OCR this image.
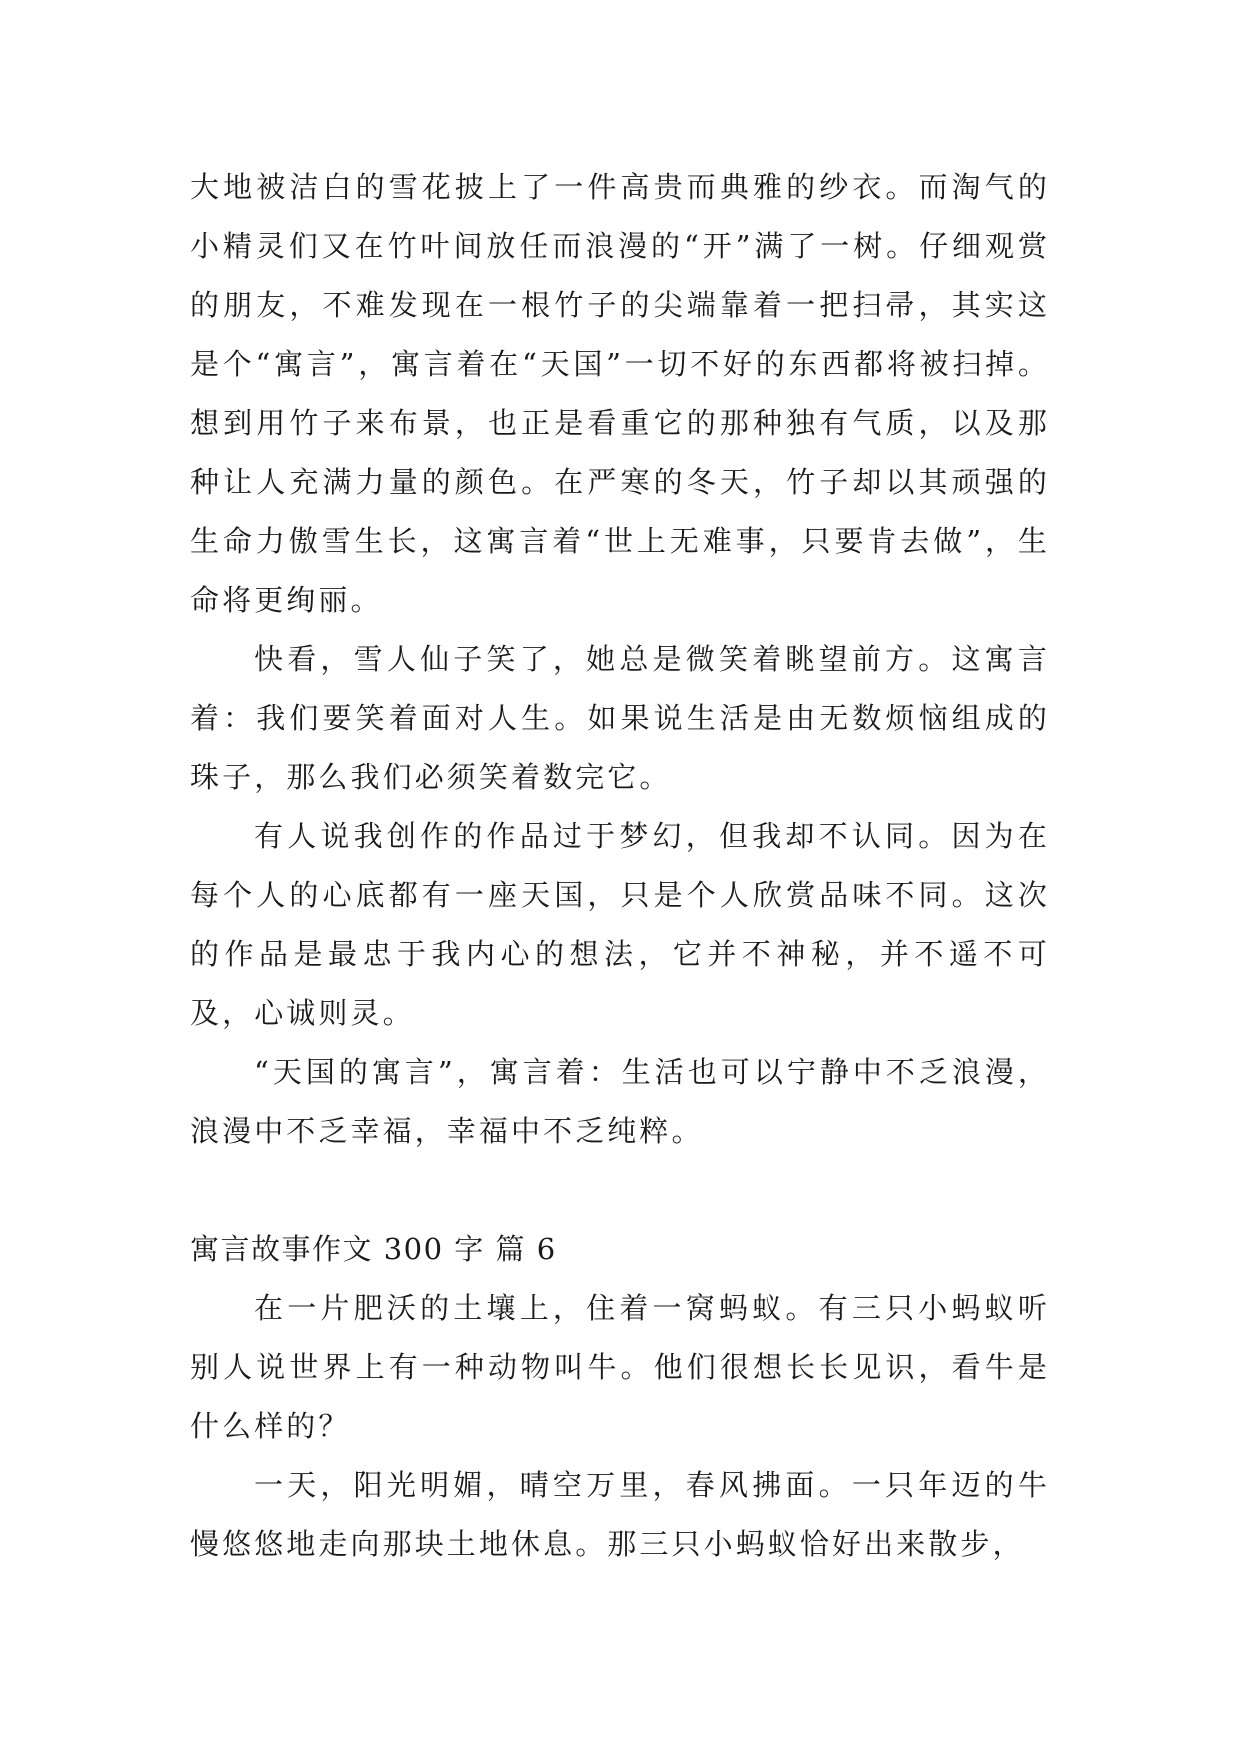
大地被洁白的雪花披上了一件高贵而典雅的纱衣。而淘气的小精灵们又在竹叶间放任而浪漫的“开”满了一树。仔细观赏的朋友，不难发现在一根竹子的尖端靠着一把扫帚，其实这是个“寓言”，寓言着在“天国”一切不好的东西都将被扫掉。想到用竹子来布景，也正是看重它的那种独有气质，以及那种让人充满力量的颜色。在严寒的冬天，竹子却以其顽强的生命力傲雪生长，这寓言着“世上无难事，只要肯去做”，生命将更绚丽。

快看，雪人仙子笑了，她总是微笑着眺望前方。这寓言着：我们要笑着面对人生。如果说生活是由无数烦恼组成的珠子，那么我们必须笑着数完它。

有人说我创作的作品过于梦幻，但我却不认同。因为在每个人的心底都有一座天国，只是个人欣赏品味不同。这次的作品是最忠于我内心的想法，它并不神秘，并不遥不可及，心诚则灵。

“天国的寓言”，寓言着：生活也可以宁静中不乏浪漫，浪漫中不乏幸福，幸福中不乏纯粹。

寓言故事作文 300 字 篇 6

在一片肥沃的土壤上，住着一窝蚂蚁。有三只小蚂蚁听别人说世界上有一种动物叫牛。他们很想长长见识，看牛是什么样的？

一天，阳光明媚，晴空万里，春风拂面。一只年迈的牛慢悠悠地走向那块土地休息。那三只小蚂蚁恰好出来散步，
